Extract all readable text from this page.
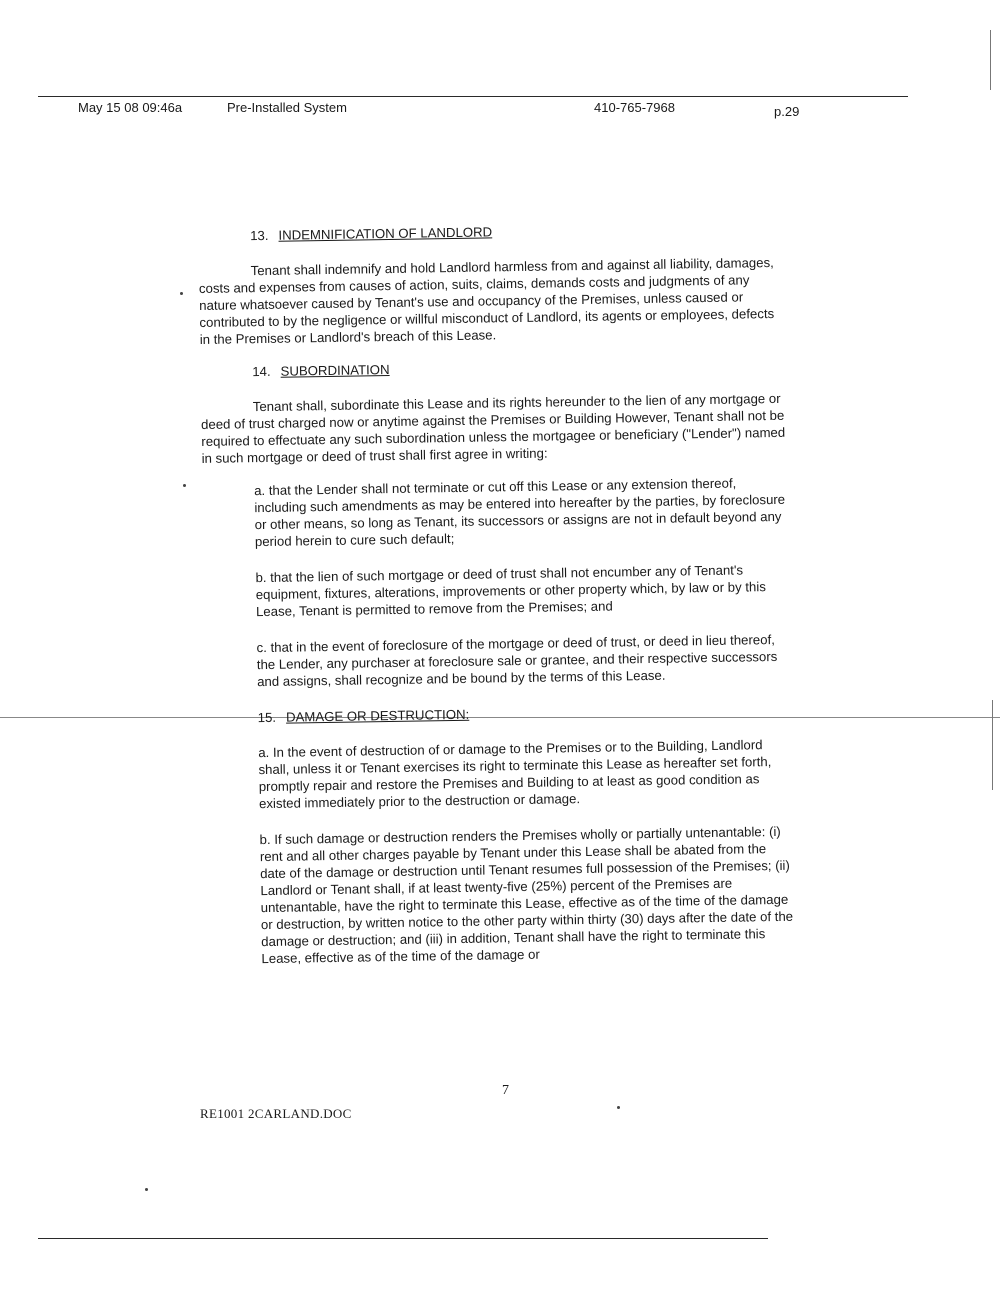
May 15 08 09:46a	Pre-Installed System	410-765-7968	p.29
13. INDEMNIFICATION OF LANDLORD

Tenant shall indemnify and hold Landlord harmless from and against all liability, damages, costs and expenses from causes of action, suits, claims, demands costs and judgments of any nature whatsoever caused by Tenant's use and occupancy of the Premises, unless caused or contributed to by the negligence or willful misconduct of Landlord, its agents or employees, defects in the Premises or Landlord's breach of this Lease.

14. SUBORDINATION

Tenant shall, subordinate this Lease and its rights hereunder to the lien of any mortgage or deed of trust charged now or anytime against the Premises or Building However, Tenant shall not be required to effectuate any such subordination unless the mortgagee or beneficiary ("Lender") named in such mortgage or deed of trust shall first agree in writing:

a. that the Lender shall not terminate or cut off this Lease or any extension thereof, including such amendments as may be entered into hereafter by the parties, by foreclosure or other means, so long as Tenant, its successors or assigns are not in default beyond any period herein to cure such default;

b. that the lien of such mortgage or deed of trust shall not encumber any of Tenant's equipment, fixtures, alterations, improvements or other property which, by law or by this Lease, Tenant is permitted to remove from the Premises; and

c. that in the event of foreclosure of the mortgage or deed of trust, or deed in lieu thereof, the Lender, any purchaser at foreclosure sale or grantee, and their respective successors and assigns, shall recognize and be bound by the terms of this Lease.

15. DAMAGE OR DESTRUCTION:

a. In the event of destruction of or damage to the Premises or to the Building, Landlord shall, unless it or Tenant exercises its right to terminate this Lease as hereafter set forth, promptly repair and restore the Premises and Building to at least as good condition as existed immediately prior to the destruction or damage.

b. If such damage or destruction renders the Premises wholly or partially untenantable: (i) rent and all other charges payable by Tenant under this Lease shall be abated from the date of the damage or destruction until Tenant resumes full possession of the Premises; (ii) Landlord or Tenant shall, if at least twenty-five (25%) percent of the Premises are untenantable, have the right to terminate this Lease, effective as of the time of the damage or destruction, by written notice to the other party within thirty (30) days after the date of the damage or destruction; and (iii) in addition, Tenant shall have the right to terminate this Lease, effective as of the time of the damage or

7
RE1001 2CARLAND.DOC
